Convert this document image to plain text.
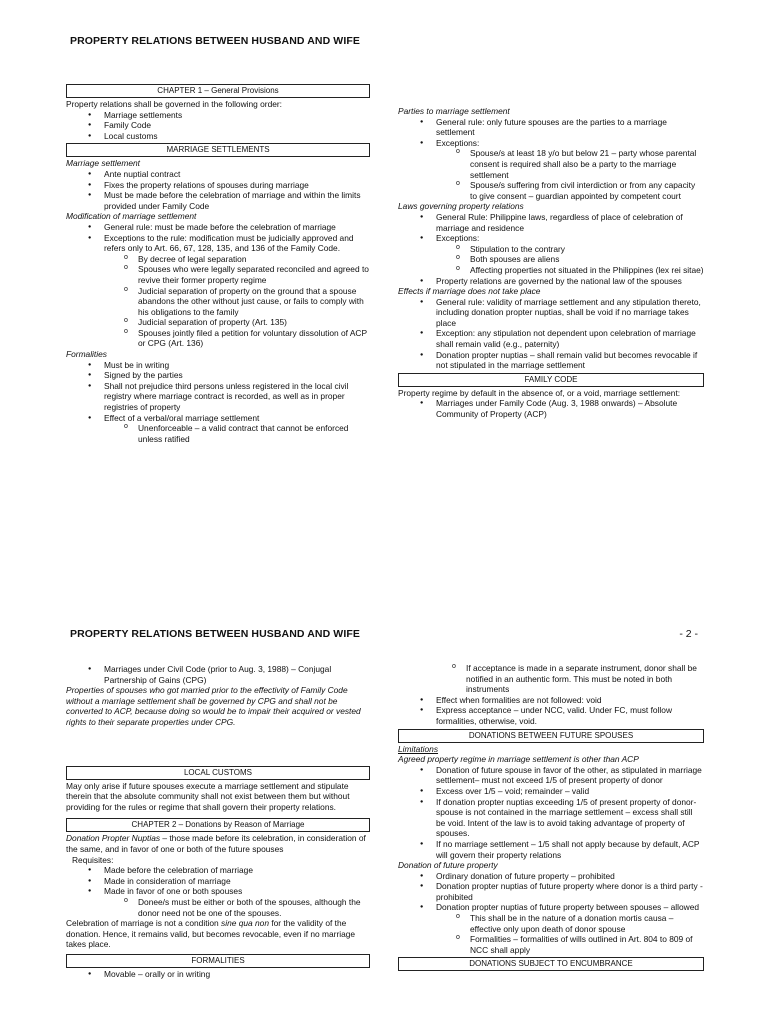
PROPERTY RELATIONS BETWEEN HUSBAND AND WIFE
CHAPTER 1 – General Provisions

Property relations shall be governed in the following order:

● Marriage settlements
● Family Code
● Local customs
MARRIAGE SETTLEMENTS

Marriage settlement

● Ante nuptial contract
● Fixes the property relations of spouses during marriage
● Must be made before the celebration of marriage and within the limits provided under Family Code

Modification of marriage settlement

● General rule: must be made before the celebration of marriage
● Exceptions to the rule: modification must be judicially approved and refers only to Art. 66, 67, 128, 135, and 136 of the Family Code.
o By decree of legal separation
o Spouses who were legally separated reconciled and agreed to revive their former property regime
o Judicial separation of property on the ground that a spouse abandons the other without just cause, or fails to comply with his obligations to the family
o Judicial separation of property (Art. 135)
o Spouses jointly filed a petition for voluntary dissolution of ACP or CPG (Art. 136)

Formalities

● Must be in writing
● Signed by the parties
● Shall not prejudice third persons unless registered in the local civil registry where marriage contract is recorded, as well as in proper registries of property
● Effect of a verbal/oral marriage settlement
o Unenforceable – a valid contract that cannot be enforced unless ratified

Parties to marriage settlement

● General rule: only future spouses are the parties to a marriage settlement
● Exceptions:
o Spouse/s at least 18 y/o but below 21 – party whose parental consent is required shall also be a party to the marriage settlement
o Spouse/s suffering from civil interdiction or from any capacity to give consent – guardian appointed by competent court

Laws governing property relations

● General Rule: Philippine laws, regardless of place of celebration of marriage and residence
● Exceptions:
o Stipulation to the contrary
o Both spouses are aliens
o Affecting properties not situated in the Philippines (lex rei sitae)
● Property relations are governed by the national law of the spouses

Effects if marriage does not take place

● General rule: validity of marriage settlement and any stipulation thereto, including donation propter nuptias, shall be void if no marriage takes place
● Exception: any stipulation not dependent upon celebration of marriage shall remain valid (e.g., paternity)
● Donation propter nuptias – shall remain valid but becomes revocable if not stipulated in the marriage settlement
FAMILY CODE

Property regime by default in the absence of, or a void, marriage settlement:

● Marriages under Family Code (Aug. 3, 1988 onwards) – Absolute Community of Property (ACP)
PROPERTY RELATIONS BETWEEN HUSBAND AND WIFE	- 2 -
● Marriages under Civil Code (prior to Aug. 3, 1988) – Conjugal Partnership of Gains (CPG)

Properties of spouses who got married prior to the effectivity of Family Code without a marriage settlement shall be governed by CPG and shall not be converted to ACP, because doing so would be to impair their acquired or vested rights to their separate properties under CPG.

LOCAL CUSTOMS

May only arise if future spouses execute a marriage settlement and stipulate therein that the absolute community shall not exist between them but without providing for the rules or regime that shall govern their property relations.

CHAPTER 2 – Donations by Reason of Marriage

Donation Propter Nuptias – those made before its celebration, in consideration of the same, and in favor of one or both of the future spouses

Requisites:

● Made before the celebration of marriage
● Made in consideration of marriage
● Made in favor of one or both spouses
o Donee/s must be either or both of the spouses, although the donor need not be one of the spouses.

Celebration of marriage is not a condition sine qua non for the validity of the donation. Hence, it remains valid, but becomes revocable, even if no marriage takes place.

FORMALITIES
● Movable – orally or in writing
o If acceptance is made in a separate instrument, donor shall be notified in an authentic form. This must be noted in both instruments
● Effect when formalities are not followed: void
● Express acceptance – under NCC, valid. Under FC, must follow formalities, otherwise, void.
DONATIONS BETWEEN FUTURE SPOUSES

Limitations

Agreed property regime in marriage settlement is other than ACP

● Donation of future spouse in favor of the other, as stipulated in marriage settlement– must not exceed 1/5 of present property of donor
● Excess over 1/5 – void; remainder – valid
● If donation propter nuptias exceeding 1/5 of present property of donor-spouse is not contained in the marriage settlement – excess shall still be void. Intent of the law is to avoid taking advantage of property of spouses.
● If no marriage settlement – 1/5 shall not apply because by default, ACP will govern their property relations

Donation of future property

● Ordinary donation of future property – prohibited
● Donation propter nuptias of future property where donor is a third party - prohibited
● Donation propter nuptias of future property between spouses – allowed
o This shall be in the nature of a donation mortis causa – effective only upon death of donor spouse
o Formalities – formalities of wills outlined in Art. 804 to 809 of NCC shall apply
DONATIONS SUBJECT TO ENCUMBRANCE
